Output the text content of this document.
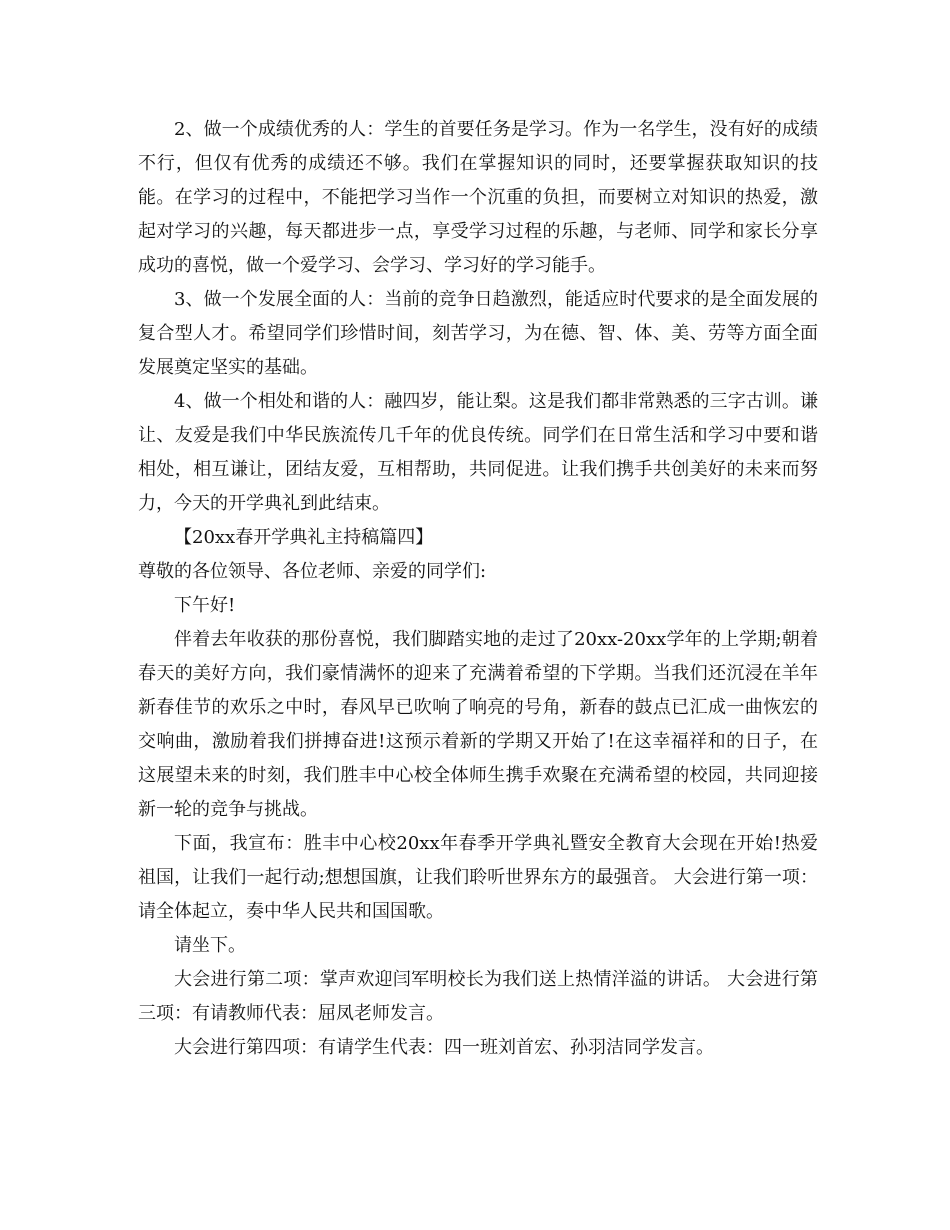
2、做一个成绩优秀的人：学生的首要任务是学习。作为一名学生，没有好的成绩不行，但仅有优秀的成绩还不够。我们在掌握知识的同时，还要掌握获取知识的技能。在学习的过程中，不能把学习当作一个沉重的负担，而要树立对知识的热爱，激起对学习的兴趣，每天都进步一点，享受学习过程的乐趣，与老师、同学和家长分享成功的喜悦，做一个爱学习、会学习、学习好的学习能手。

3、做一个发展全面的人：当前的竞争日趋激烈，能适应时代要求的是全面发展的复合型人才。希望同学们珍惜时间，刻苦学习，为在德、智、体、美、劳等方面全面发展奠定坚实的基础。

4、做一个相处和谐的人：融四岁，能让梨。这是我们都非常熟悉的三字古训。谦让、友爱是我们中华民族流传几千年的优良传统。同学们在日常生活和学习中要和谐相处，相互谦让，团结友爱，互相帮助，共同促进。让我们携手共创美好的未来而努力，今天的开学典礼到此结束。

【20xx春开学典礼主持稿篇四】

尊敬的各位领导、各位老师、亲爱的同学们:

下午好!

伴着去年收获的那份喜悦，我们脚踏实地的走过了20xx-20xx学年的上学期;朝着春天的美好方向，我们豪情满怀的迎来了充满着希望的下学期。当我们还沉浸在羊年新春佳节的欢乐之中时，春风早已吹响了响亮的号角，新春的鼓点已汇成一曲恢宏的交响曲，激励着我们拼搏奋进!这预示着新的学期又开始了!在这幸福祥和的日子，在这展望未来的时刻，我们胜丰中心校全体师生携手欢聚在充满希望的校园，共同迎接新一轮的竞争与挑战。

下面，我宣布：胜丰中心校20xx年春季开学典礼暨安全教育大会现在开始!热爱祖国，让我们一起行动;想想国旗，让我们聆听世界东方的最强音。 大会进行第一项：请全体起立，奏中华人民共和国国歌。

请坐下。

大会进行第二项：掌声欢迎闫军明校长为我们送上热情洋溢的讲话。 大会进行第三项：有请教师代表：屈凤老师发言。

大会进行第四项：有请学生代表：四一班刘首宏、孙羽洁同学发言。
